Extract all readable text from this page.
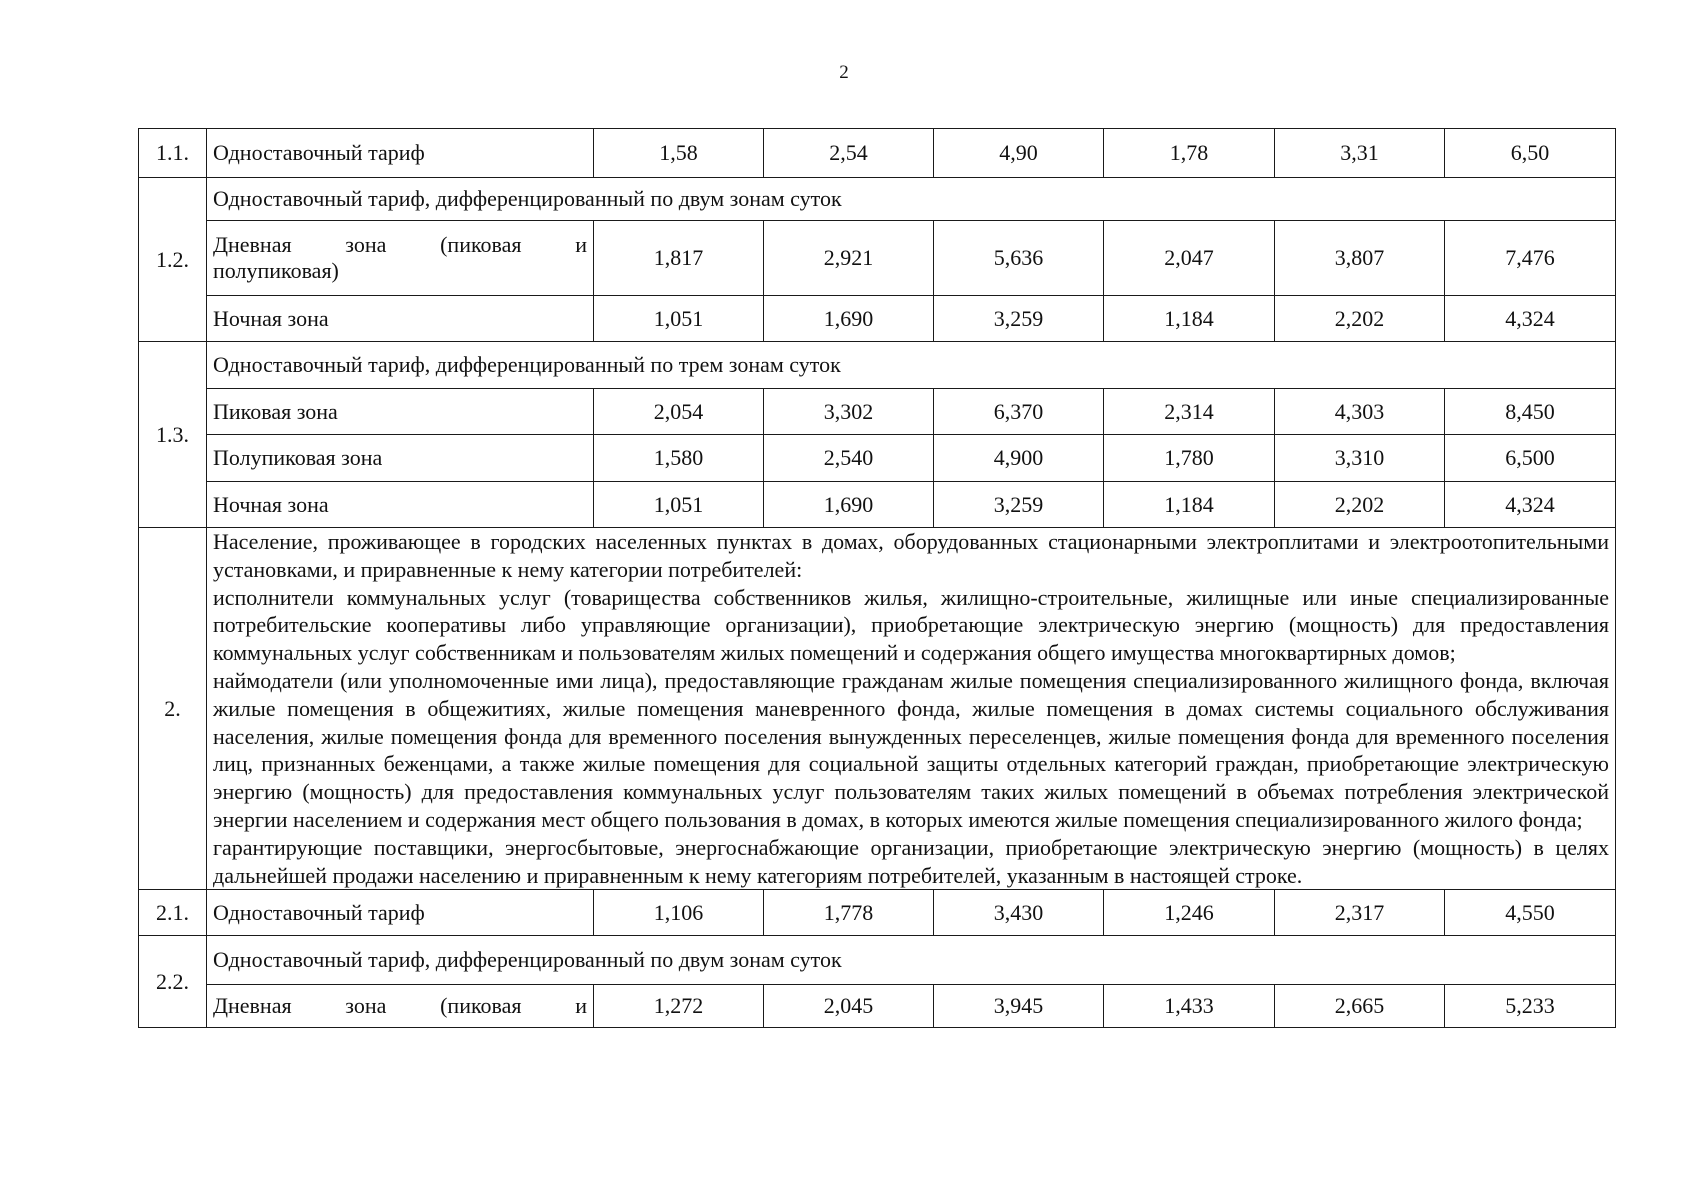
2
1.1.	Одноставочный тариф	1,58	2,54	4,90	1,78	3,31	6,50
1.2.	Одноставочный тариф, дифференцированный по двум зонам суток						

	Дневная зона (пиковая и
полупиковая)	1,817	2,921	5,636	2,047	3,807	7,476
	Ночная зона	1,051	1,690	3,259	1,184	2,202	4,324
1.3.	Одноставочный тариф, дифференцированный по трем зонам суток						
	Пиковая зона	2,054	3,302	6,370	2,314	4,303	8,450
	Полупиковая зона	1,580	2,540	4,900	1,780	3,310	6,500
	Ночная зона	1,051	1,690	3,259	1,184	2,202	4,324
2.	Население, проживающее в городских населенных пунктах в домах, оборудованных стационарными электроплитами и электроотопительными установками, и приравненные к нему категории потребителей:
исполнители коммунальных услуг (товарищества собственников жилья, жилищно-строительные, жилищные или иные специализированные потребительские кооперативы либо управляющие организации), приобретающие электрическую энергию (мощность) для предоставления коммунальных услуг собственникам и пользователям жилых помещений и содержания общего имущества многоквартирных домов;
наймодатели (или уполномоченные ими лица), предоставляющие гражданам жилые помещения специализированного жилищного фонда, включая жилые помещения в общежитиях, жилые помещения маневренного фонда, жилые помещения в домах системы социального обслуживания населения, жилые помещения фонда для временного поселения вынужденных переселенцев, жилые помещения фонда для временного поселения лиц, признанных беженцами, а также жилые помещения для социальной защиты отдельных категорий граждан, приобретающие электрическую энергию (мощность) для предоставления коммунальных услуг пользователям таких жилых помещений в объемах потребления электрической энергии населением и содержания мест общего пользования в домах, в которых имеются жилые помещения специализированного жилого фонда;
гарантирующие поставщики, энергосбытовые, энергоснабжающие организации, приобретающие электрическую энергию (мощность) в целях дальнейшей продажи населению и приравненным к нему категориям потребителей, указанным в настоящей строке.						

2.1.	Одноставочный тариф	1,106	1,778	3,430	1,246	2,317	4,550
2.2.	Одноставочный тариф, дифференцированный по двум зонам суток						

	Дневная зона (пиковая и	1,272	2,045	3,945	1,433	2,665	5,233
